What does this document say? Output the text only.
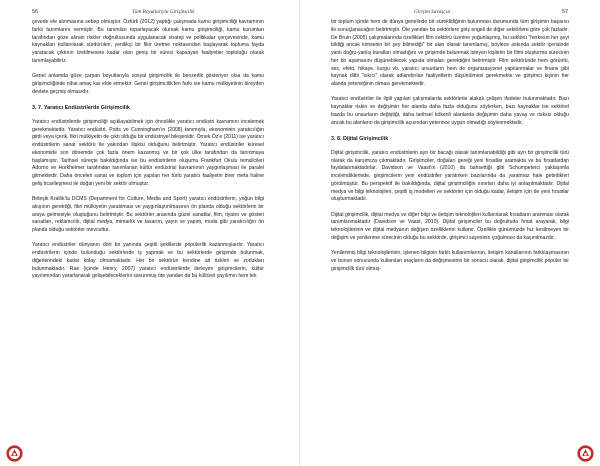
56	Tüm Boyutlarıyla Girişimcilik

çevede ele alınmasına sebep olmuştur. Öztürk (2012) yaptığı çalışmada kamu girişimciliği kavramının farklı tanımlarını vermiştir. Bu tanımları toparlayacak olursak kamu girişimciliği, kamu kurumları tarafından göze alınan riskler doğrultusunda uygulanacak strateji ve politikalar çerçevesinde, kamu kaynakları kullanılarak sürdürülen, yenilikçi bir fikir üretme noktasından başlayarak topluma fayda yaratacak çıktının üretilmesine kadar olan geniş bir süreci kapsayan faaliyetler topluluğu olarak tanımlayabiliriz.

Genel anlamda göze çarpan boyutlarıyla sosyal girişimcilik ile benzerlik gösteriyor olsa da kamu girişimciliğinde nihai amaç kar elde etmektir. Genel girişimcilik'ten farkı ise kamu mülkiyetinin bireyden devlete geçmiş olmasıdır.

3. 7. Yaratıcı Endüstrilerde Girişimcilik

Yaratıcı endüstrilerde girişimciliği açıklayabilmek için öncelikle yaratıcı endüstri kavramını incelemek gerekmektedir. Yaratıcı endüstri, Potts ve Cunningham'ın (2008) tanımıyla, ekonominin yaratıcılığın girdi veya içerik, fikri mülkiyetin de çıktı olduğu bir endüstriyel bileşenidir. Örnek Öz'e (2011) ise yaratıcı endüstrilerin sanat sektörü ile yakından ilişkisi olduğunu belirtmiştir. Yaratıcı endüstriler küresel ekonomide son dönemde çok fazla önem kazanmış ve bir çok ülke tarafından da tanınmaya başlamıştır. Tarihsel süreçte bakıldığında ise bu endüstrilerin oluşumu Frankfurt Okulu temsilcileri Adorno ve Horkheimer tarafından tanımlanan kültür endüstrisi kavramının yaygınlaşması ile paralel gitmektedir. Daha önceleri sanat ve toplum için yapılan her türlü yaratıcı faaliyetin birer meta haline geliş ticarileşmesi ile doğan yeni bir sektör olmuştur.

Birleşik Krallık'ta DCMS (Department for Culture, Media and Sport) yaratıcı endüstrilerin, yoğun bilgi akışının gerektiği, fikri mülkiyetin yaratılması ve yaygınlaştırılmasının ön planda olduğu sektörlerin bir araya gelmesiyle oluştuğunu belirtmiştir. Bu sektörler arasında güzel sanatlar, film, tiyatro ve gösteri sanatları, reklamcılık, dijital medya, mimarlık ve tasarım, yayın ve yapım, moda gibi yaratıcılığın ön planda olduğu sektörler mevcuttur.

Yaratıcı endüstriler dünyanın dört bir yanında çeşitli şekillerde popülerlik kazanmışlardır. Yaratıcı endüstrilerin içinde bulunduğu sektörlerde iş yapmak ve bu sektörlerde girişimde bulunmak, diğerlerindeki kadar kolay olmamaktadır. Her bir sektörün kendine ait riskleri ve zorlukları bulunmaktadır. Rae (içinde Henry, 2007) yaratıcı endüstrilerde ilerleyen girişimcilerin, kültür yayılımından yararlanarak gelişebileceklerini savunmuş öte yandan da bu kültürel yayılımın hem tek

Girişim Savaşçısı	57

bir toplum içinde hem de dünya genelinde bir süreklidiğinin bulunması durumunda tüm girişimin başarısı ile sonuçlanacağını belirtmiştir. Öte yandan bu sektörlere giriş engeli de diğer sektörlere göre çok fazladır. De Bruin (2005) çalışmalarında özellikleri film sektörü üzerine yoğunlaşmış, bu sektörü "herkesin her şeyi bildiği ancak kimsenin bir şey bilmediği" bir alan olarak tanımlamış, böylece askında sektör içerisinde yanlı doğru-yanlış kuralları olmadığını ve girişimde bulunmak isteyen kişilerin bir filmi oluşturma sürecinin her bir aşamasını düşünebilecek yapıda olmaları gerektiğini belirtmiştir. Film sektöründe hem görüntü, ses, efekt, hikaye, kurgu vb. yaratıcı unsurların hem de organizasyonel yapılanmalar ve finans gibi kaynak dilbi "sıkıcı" olarak adlandırılan faaliyetlerin düşünülmesi gerekmekte ve girişimci kişinin her alanda yeteneğinin olması gerekmektedir.

Yaratıcı endüstriler ile ilgili yapılan çalışmalarda sektörlerle alakalı çelişen ifadeler bulunmaktadır. Bazı kaynaklar riskin ve değişimin her alanda daha fazla olduğunu söylerken, bazı kaynaklar ise sektörel bazda bu unsurların değiştiği, daha tarihsel kökenli alanlarda değişimin daha yavaş ve risksiz olduğu ancak bu alanların da girişimcilik açısından yeterince uygun olmadığı söylenmektedir.

3. 8. Dijital Girişimcilik

Dijital girişimcilik, yaratıcı endüstrilerin ayrı bir bacağı olarak tanımlanabildiği gibi ayrı bir girişimcilik türü olarak da karşımıza çıkmaktadır. Girişimciler, doğaları gereği yeni fırsatlar aramakta ve bu fırsatlardan faydalanmaktadırlar. Davidson ve Vaast'ın (2010) da bahsettiği gibi Schumpeterci yaklaşımla incelendiklerinde, girişimcilerin yeni endüstriler yaratırken bazılarında da yaratmaz hale getirdikleri görülmüştür. Bu perspektif ile bakıldığında, dijital girişimciliğin sınırları daha iyi anlaşılmaktadır. Dijital medya ve bilgi teknolojileri, çeşitli iş modelleri ve sektörler için olduğu kadar, iletişim için de yeni fırsatlar oluşturmaktadır.

Dijital girişimcilik, dijital medya ve diğer bilgi ve iletişim teknolojileri kullanılarak fırsatların aranması olarak tanımlanmaktadır (Davidson ve Vaast, 2010). Dijital girişimciler bu doğrultuda fırsat arayarak, bilgi teknolojilerinin ve dijital medyanın değişen özelliklerini kullanır. Özellikle günümüzde hız kesilmeyen bir değişim ve yenilenme sürecinin olduğu bu sektörde, girişimci sayesinin çoğalması da kaçınılmazdır.

Yenilenmiş bilgi teknolojilerinin, işlenen bilginin farklı kullanımlarının, iletişim kanallarının farklılaşmasının ve bunun sonucunda kullanılan araçların da değişmesinin bir sonucu olarak, dijital girişimcilik popüler bir girişimcilik türü olmuş-
